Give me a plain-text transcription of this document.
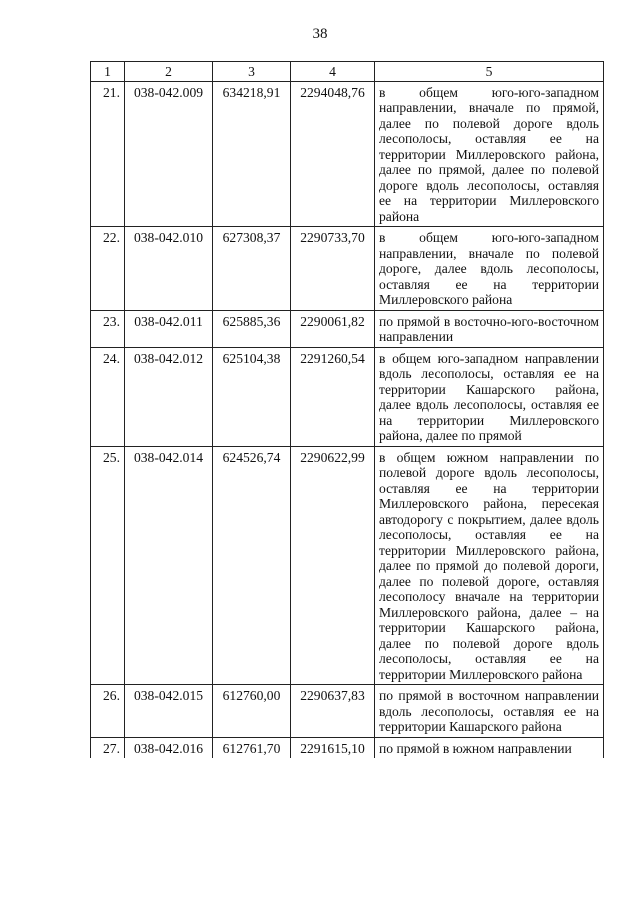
38
1	2	3	4	5
21.	038-042.009	634218,91	2294048,76	в общем юго-юго-западном направлении, вначале по прямой, далее по полевой дороге вдоль лесополосы, оставляя ее на территории Миллеровского района, далее по прямой, далее по полевой дороге вдоль лесополосы, оставляя ее на территории Миллеровского района
22.	038-042.010	627308,37	2290733,70	в общем юго-юго-западном направлении, вначале по полевой дороге, далее вдоль лесополосы, оставляя ее на территории Миллеровского района
23.	038-042.011	625885,36	2290061,82	по прямой в восточно-юго-восточном направлении
24.	038-042.012	625104,38	2291260,54	в общем юго-западном направлении вдоль лесополосы, оставляя ее на территории Кашарского района, далее вдоль лесополосы, оставляя ее на территории Миллеровского района, далее по прямой
25.	038-042.014	624526,74	2290622,99	в общем южном направлении по полевой дороге вдоль лесополосы, оставляя ее на территории Миллеровского района, пересекая автодорогу с покрытием, далее вдоль лесополосы, оставляя ее на территории Миллеровского района, далее по прямой до полевой дороги, далее по полевой дороге, оставляя лесополосу вначале на территории Миллеровского района, далее – на территории Кашарского района, далее по полевой дороге вдоль лесополосы, оставляя ее на территории Миллеровского района
26.	038-042.015	612760,00	2290637,83	по прямой в восточном направлении вдоль лесополосы, оставляя ее на территории Кашарского района
27.	038-042.016	612761,70	2291615,10	по прямой в южном направлении
